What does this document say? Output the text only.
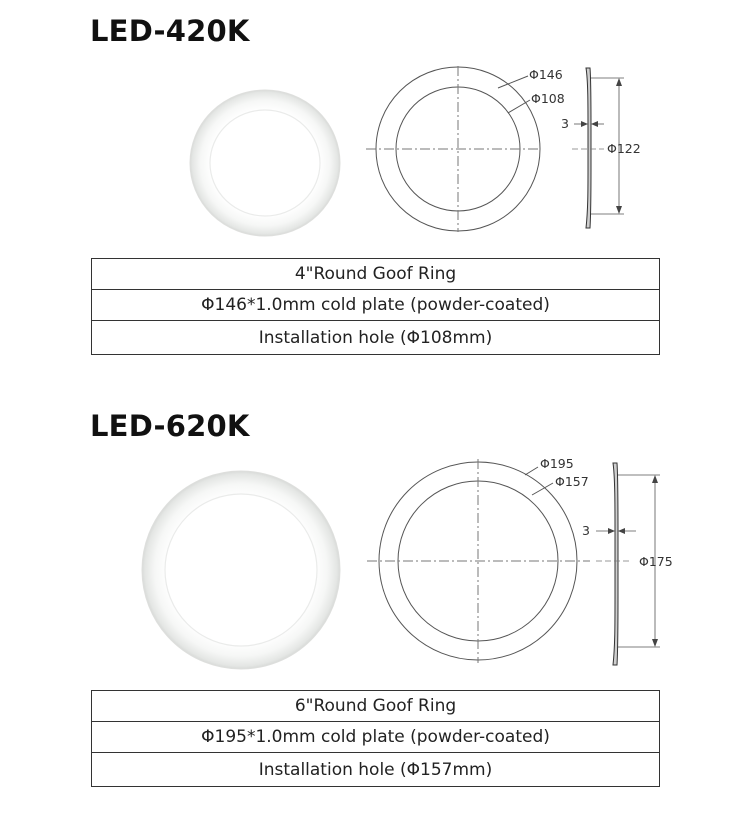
LED-420K
Φ146
Φ108
3
Φ122
4"Round Goof Ring
Φ146*1.0mm cold plate (powder-coated)
Installation hole (Φ108mm)
LED-620K
Φ195
Φ157
3
Φ175
6"Round Goof Ring
Φ195*1.0mm cold plate (powder-coated)
Installation hole (Φ157mm)
